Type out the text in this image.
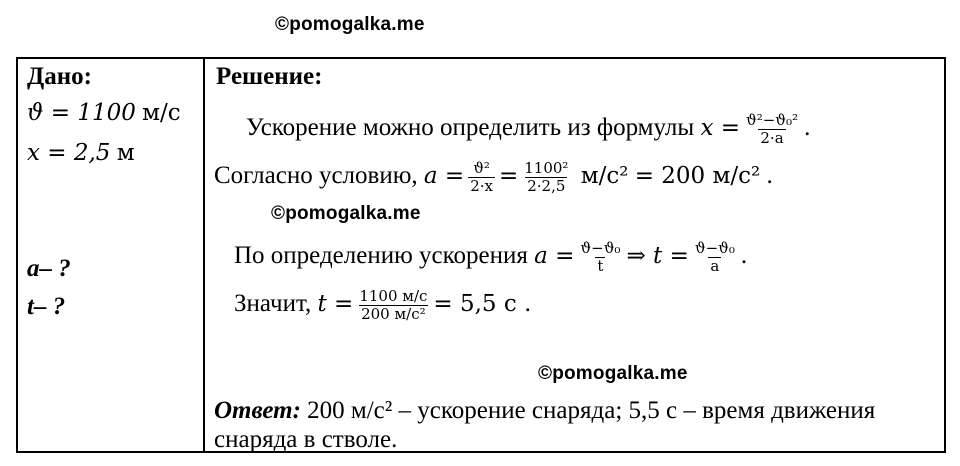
©pomogalka.me
Дано:
ϑ = 1100 м/с
x = 2,5 м
a– ?
t– ?
Решение:
Ускорение можно определить из формулы $x = \frac{\text{ϑ²−ϑ₀²}}{2\cdot a}$ .
Согласно условию, $a = \frac{\text{ϑ²}}{2\cdot x} = \frac{\text{1100²}}{2\cdot 2,5} м/с^2 = 200$ м/с² .
©pomogalka.me
По определению ускорения $a = \frac{\text{ϑ−ϑ₀}}{t}$ ⇒ $t = \frac{\text{ϑ−ϑ₀}}{a}$ .
Значит, $t = \frac{1100 м/с}{\text{200 м/с²}} = 5,5$ с .
©pomogalka.me
Ответ: 200 м/с² – ускорение снаряда; 5,5 с – время движения
снаряда в стволе.
